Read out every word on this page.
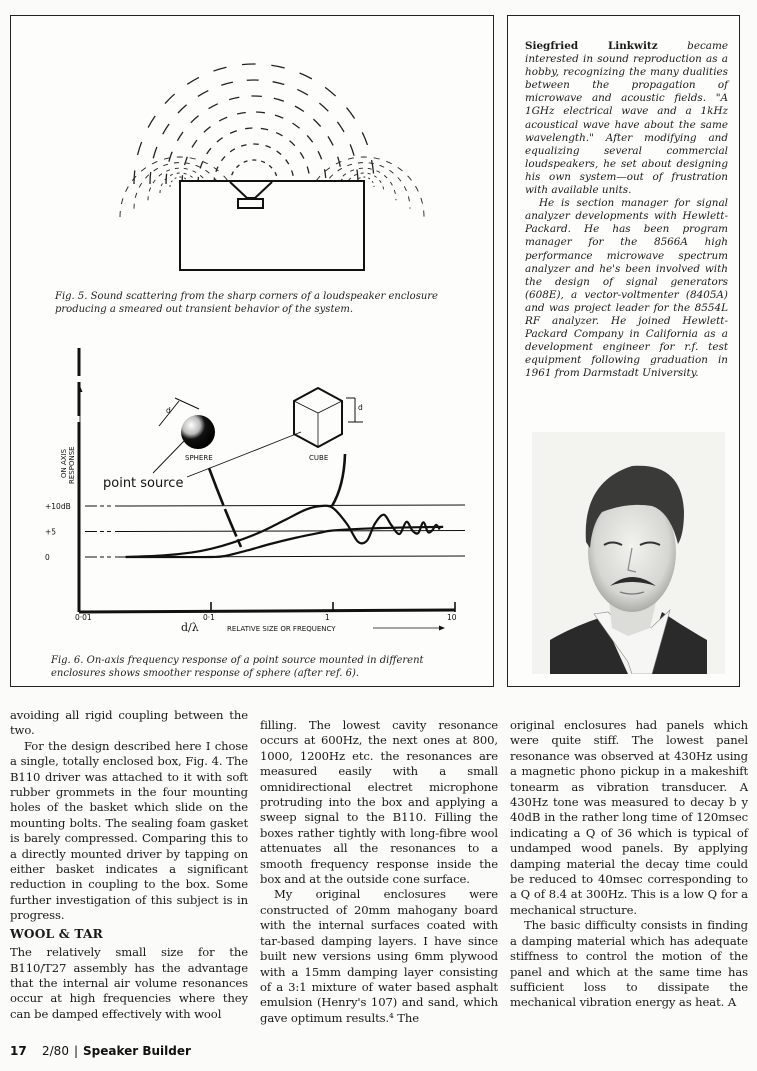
Fig. 5. Sound scattering from the sharp corners of a loudspeaker enclosure producing a smeared out transient behavior of the system.
ON AXIS RESPONSE
0
+5
+10dB
0·01	0·1	1	10
d
SPHERE
d
CUBE
point source
d/λ	RELATIVE SIZE OR FREQUENCY
Fig. 6. On-axis frequency response of a point source mounted in different enclosures shows smoother response of sphere (after ref. 6).

Siegfried Linkwitz became interested in sound reproduction as a hobby, recognizing the many dualities between the propagation of microwave and acoustic fields. "A 1GHz electrical wave and a 1kHz acoustical wave have about the same wavelength." After modifying and equalizing several commercial loudspeakers, he set about designing his own system—out of frustration with available units.

He is section manager for signal analyzer developments with Hewlett-Packard. He has been program manager for the 8566A high performance microwave spectrum analyzer and he's been involved with the design of signal generators (608E), a vector-voltmenter (8405A) and was project leader for the 8554L RF analyzer. He joined Hewlett-Packard Company in California as a development engineer for r.f. test equipment following graduation in 1961 from Darmstadt University.

avoiding all rigid coupling between the two.

For the design described here I chose a single, totally enclosed box, Fig. 4. The B110 driver was attached to it with soft rubber grommets in the four mounting holes of the basket which slide on the mounting bolts. The sealing foam gasket is barely compressed. Comparing this to a directly mounted driver by tapping on either basket indicates a significant reduction in coupling to the box. Some further investigation of this subject is in progress.

WOOL & TAR

The relatively small size for the B110/T27 assembly has the advantage that the internal air volume resonances occur at high frequencies where they can be damped effectively with wool

filling. The lowest cavity resonance occurs at 600Hz, the next ones at 800, 1000, 1200Hz etc. the resonances are measured easily with a small omnidirectional electret microphone protruding into the box and applying a sweep signal to the B110. Filling the boxes rather tightly with long-fibre wool attenuates all the resonances to a smooth frequency response inside the box and at the outside cone surface.

My original enclosures were constructed of 20mm mahogany board with the internal surfaces coated with tar-based damping layers. I have since built new versions using 6mm plywood with a 15mm damping layer consisting of a 3:1 mixture of water based asphalt emulsion (Henry's 107) and sand, which gave optimum results.⁴ The

original enclosures had panels which were quite stiff. The lowest panel resonance was observed at 430Hz using a magnetic phono pickup in a makeshift tonearm as vibration transducer. A 430Hz tone was measured to decay b y 40dB in the rather long time of 120msec indicating a Q of 36 which is typical of undamped wood panels. By applying damping material the decay time could be reduced to 40msec corresponding to a Q of 8.4 at 300Hz. This is a low Q for a mechanical structure.

The basic difficulty consists in finding a damping material which has adequate stiffness to control the motion of the panel and which at the same time has sufficient loss to dissipate the mechanical vibration energy as heat. A

17	2/80 | Speaker Builder
